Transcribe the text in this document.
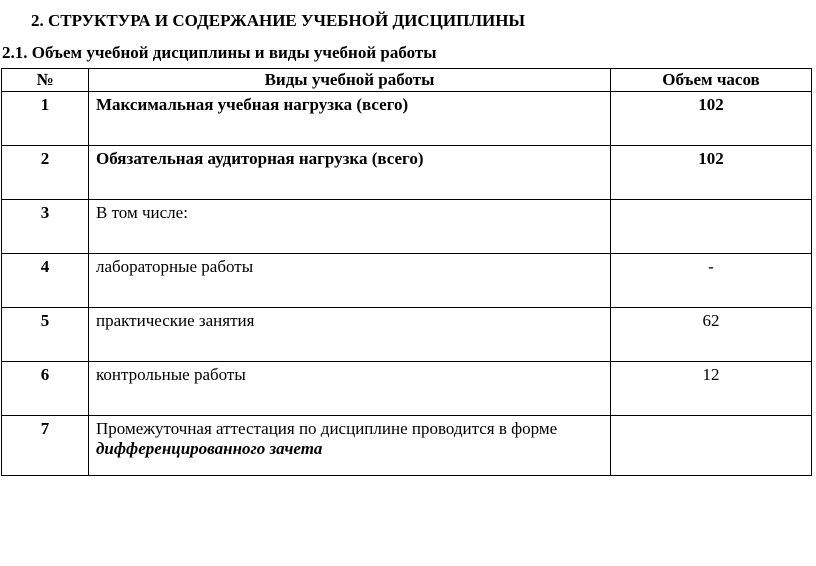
2. СТРУКТУРА И СОДЕРЖАНИЕ УЧЕБНОЙ ДИСЦИПЛИНЫ
2.1. Объем учебной дисциплины и виды учебной работы
№	Виды учебной работы	Объем часов
1	Максимальная учебная нагрузка (всего)	102
2	Обязательная аудиторная нагрузка (всего)	102
3	В том числе:	
4	лабораторные работы	-
5	практические занятия	62
6	контрольные работы	12
7	Промежуточная аттестация по дисциплине проводится в форме
дифференцированного зачета	
